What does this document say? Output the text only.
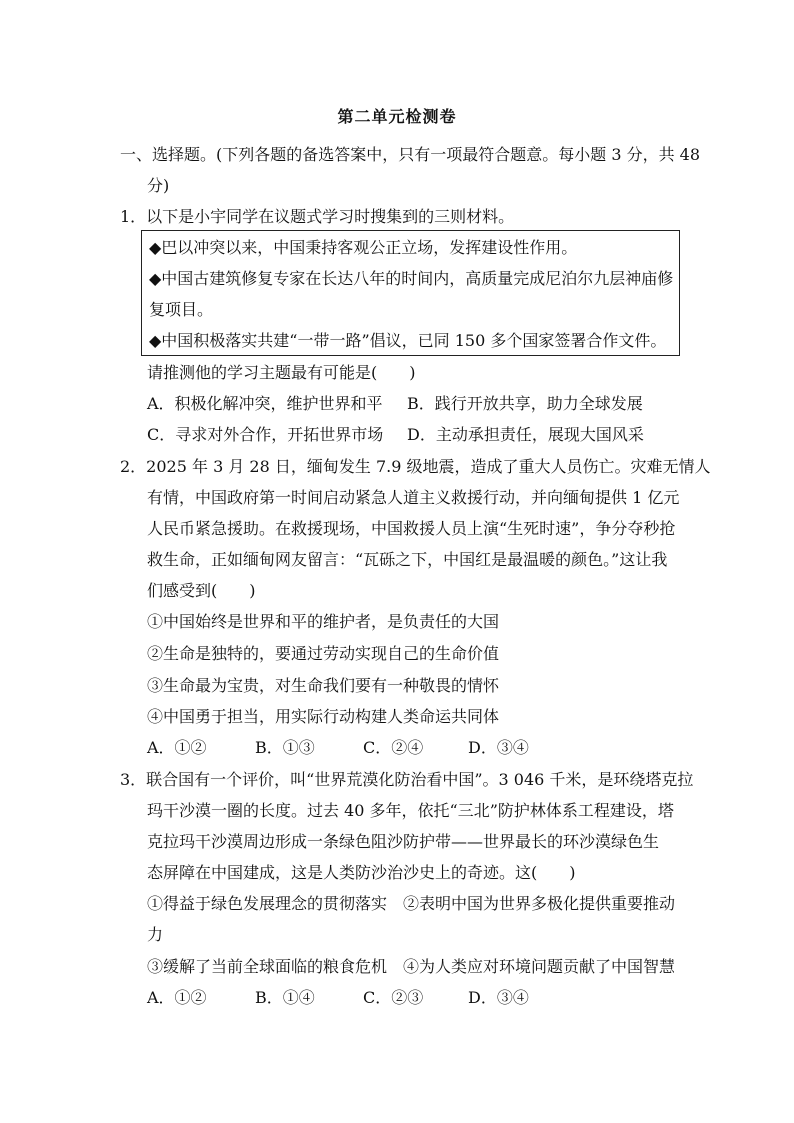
第二单元检测卷
一、选择题。(下列各题的备选答案中，只有一项最符合题意。每小题 3 分，共 48
分)
1．以下是小宇同学在议题式学习时搜集到的三则材料。
◆巴以冲突以来，中国秉持客观公正立场，发挥建设性作用。
◆中国古建筑修复专家在长达八年的时间内，高质量完成尼泊尔九层神庙修
复项目。
◆中国积极落实共建“一带一路”倡议，已同 150 多个国家签署合作文件。
请推测他的学习主题最有可能是(　　)
A．积极化解冲突，维护世界和平 B．践行开放共享，助力全球发展
C．寻求对外合作，开拓世界市场 D．主动承担责任，展现大国风采
2．2025 年 3 月 28 日，缅甸发生 7.9 级地震，造成了重大人员伤亡。灾难无情人
有情，中国政府第一时间启动紧急人道主义救援行动，并向缅甸提供 1 亿元
人民币紧急援助。在救援现场，中国救援人员上演“生死时速”，争分夺秒抢
救生命，正如缅甸网友留言：“瓦砾之下，中国红是最温暖的颜色。”这让我
们感受到(　　)
①中国始终是世界和平的维护者，是负责任的大国
②生命是独特的，要通过劳动实现自己的生命价值
③生命最为宝贵，对生命我们要有一种敬畏的情怀
④中国勇于担当，用实际行动构建人类命运共同体
A．①②	B．①③	C．②④	D．③④
3．联合国有一个评价，叫“世界荒漠化防治看中国”。3 046 千米，是环绕塔克拉
玛干沙漠一圈的长度。过去 40 多年，依托“三北”防护林体系工程建设，塔
克拉玛干沙漠周边形成一条绿色阻沙防护带——世界最长的环沙漠绿色生
态屏障在中国建成，这是人类防沙治沙史上的奇迹。这(　　)
①得益于绿色发展理念的贯彻落实　②表明中国为世界多极化提供重要推动
力
③缓解了当前全球面临的粮食危机　④为人类应对环境问题贡献了中国智慧
A．①②	B．①④	C．②③	D．③④
